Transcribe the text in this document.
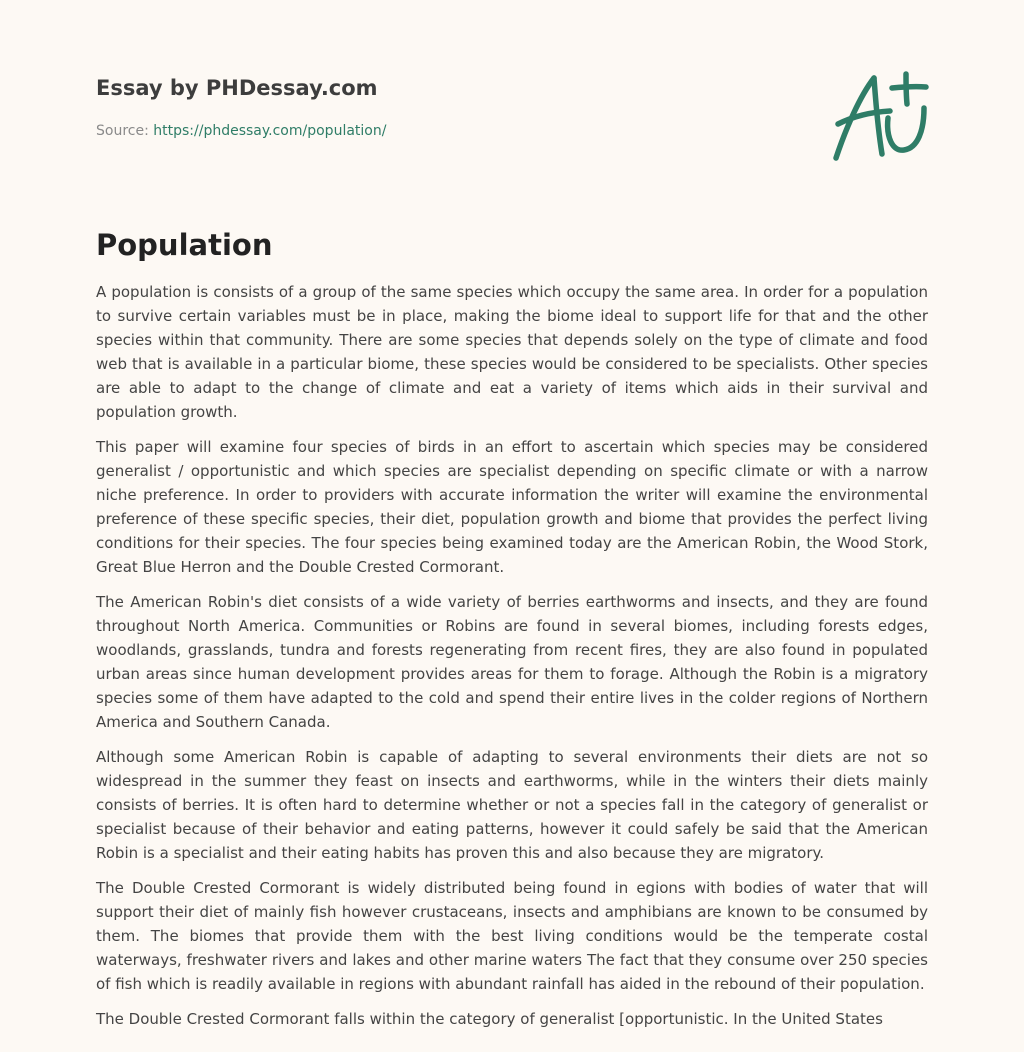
Essay by PHDessay.com

Source: https://phdessay.com/population/

Population

A population is consists of a group of the same species which occupy the same area. In order for a population to survive certain variables must be in place, making the biome ideal to support life for that and the other species within that community. There are some species that depends solely on the type of climate and food web that is available in a particular biome, these species would be considered to be specialists. Other species are able to adapt to the change of climate and eat a variety of items which aids in their survival and population growth.

This paper will examine four species of birds in an effort to ascertain which species may be considered generalist / opportunistic and which species are specialist depending on specific climate or with a narrow niche preference. In order to providers with accurate information the writer will examine the environmental preference of these specific species, their diet, population growth and biome that provides the perfect living conditions for their species. The four species being examined today are the American Robin, the Wood Stork, Great Blue Herron and the Double Crested Cormorant.

The American Robin's diet consists of a wide variety of berries earthworms and insects, and they are found throughout North America. Communities or Robins are found in several biomes, including forests edges, woodlands, grasslands, tundra and forests regenerating from recent fires, they are also found in populated urban areas since human development provides areas for them to forage. Although the Robin is a migratory species some of them have adapted to the cold and spend their entire lives in the colder regions of Northern America and Southern Canada.

Although some American Robin is capable of adapting to several environments their diets are not so widespread in the summer they feast on insects and earthworms, while in the winters their diets mainly consists of berries. It is often hard to determine whether or not a species fall in the category of generalist or specialist because of their behavior and eating patterns, however it could safely be said that the American Robin is a specialist and their eating habits has proven this and also because they are migratory.

The Double Crested Cormorant is widely distributed being found in egions with bodies of water that will support their diet of mainly fish however crustaceans, insects and amphibians are known to be consumed by them. The biomes that provide them with the best living conditions would be the temperate costal waterways, freshwater rivers and lakes and other marine waters The fact that they consume over 250 species of fish which is readily available in regions with abundant rainfall has aided in the rebound of their population.

The Double Crested Cormorant falls within the category of generalist [opportunistic. In the United States
